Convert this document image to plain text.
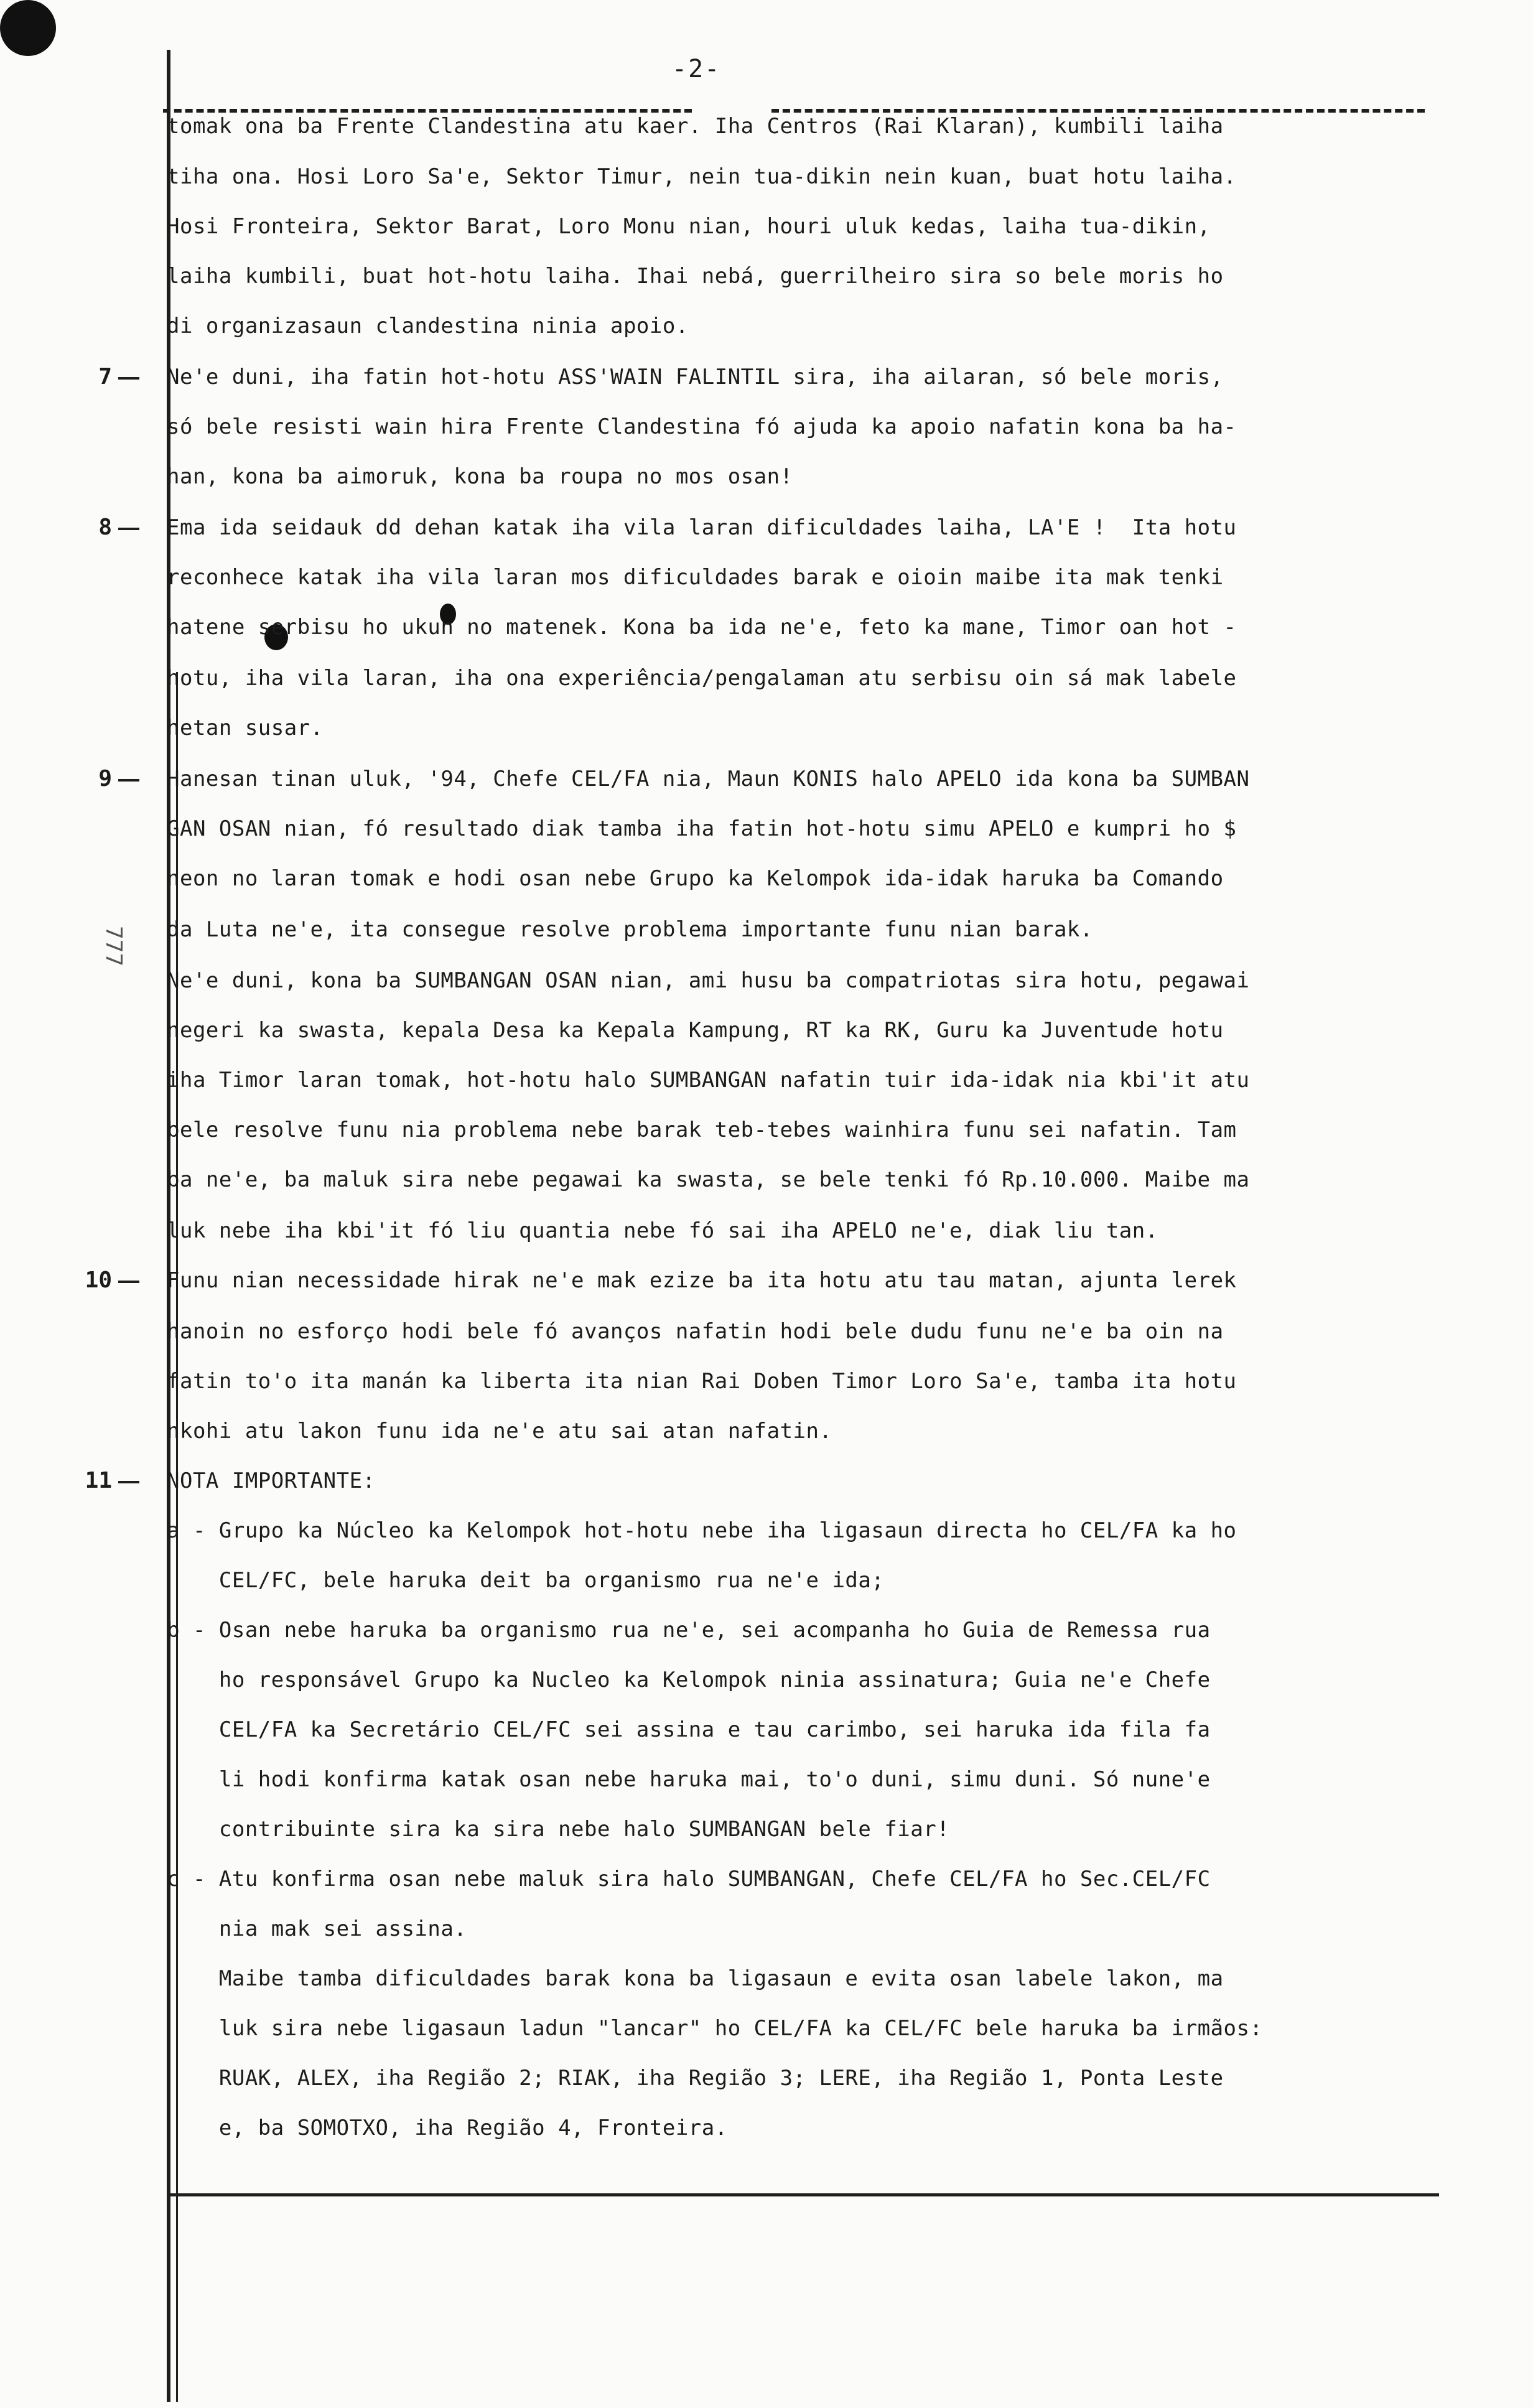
-2-
777
tomak ona ba Frente Clandestina atu kaer. Iha Centros (Rai Klaran), kumbili laiha
tiha ona. Hosi Loro Sa'e, Sektor Timur, nein tua-dikin nein kuan, buat hotu laiha.
Hosi Fronteira, Sektor Barat, Loro Monu nian, houri uluk kedas, laiha tua-dikin,
laiha kumbili, buat hot-hotu laiha. Ihai nebá, guerrilheiro sira so bele moris ho
di organizasaun clandestina ninia apoio.
Ne'e duni, iha fatin hot-hotu ASS'WAIN FALINTIL sira, iha ailaran, só bele moris,
só bele resisti wain hira Frente Clandestina fó ajuda ka apoio nafatin kona ba ha-
han, kona ba aimoruk, kona ba roupa no mos osan!
Ema ida seidauk dd dehan katak iha vila laran dificuldades laiha, LA'E !  Ita hotu
reconhece katak iha vila laran mos dificuldades barak e oioin maibe ita mak tenki
hatene serbisu ho ukun no matenek. Kona ba ida ne'e, feto ka mane, Timor oan hot -
hotu, iha vila laran, iha ona experiência/pengalaman atu serbisu oin sá mak labele
hetan susar.
Hanesan tinan uluk, '94, Chefe CEL/FA nia, Maun KONIS halo APELO ida kona ba SUMBAN
GAN OSAN nian, fó resultado diak tamba iha fatin hot-hotu simu APELO e kumpri ho $
neon no laran tomak e hodi osan nebe Grupo ka Kelompok ida-idak haruka ba Comando
da Luta ne'e, ita consegue resolve problema importante funu nian barak.
Ne'e duni, kona ba SUMBANGAN OSAN nian, ami husu ba compatriotas sira hotu, pegawai
negeri ka swasta, kepala Desa ka Kepala Kampung, RT ka RK, Guru ka Juventude hotu
iha Timor laran tomak, hot-hotu halo SUMBANGAN nafatin tuir ida-idak nia kbi'it atu
bele resolve funu nia problema nebe barak teb-tebes wainhira funu sei nafatin. Tam
ba ne'e, ba maluk sira nebe pegawai ka swasta, se bele tenki fó Rp.10.000. Maibe ma
luk nebe iha kbi'it fó liu quantia nebe fó sai iha APELO ne'e, diak liu tan.
Funu nian necessidade hirak ne'e mak ezize ba ita hotu atu tau matan, ajunta lerek
hanoin no esforço hodi bele fó avanços nafatin hodi bele dudu funu ne'e ba oin na
fatin to'o ita manán ka liberta ita nian Rai Doben Timor Loro Sa'e, tamba ita hotu
nkohi atu lakon funu ida ne'e atu sai atan nafatin.
NOTA IMPORTANTE:
a - Grupo ka Núcleo ka Kelompok hot-hotu nebe iha ligasaun directa ho CEL/FA ka ho
CEL/FC, bele haruka deit ba organismo rua ne'e ida;
b - Osan nebe haruka ba organismo rua ne'e, sei acompanha ho Guia de Remessa rua
ho responsável Grupo ka Nucleo ka Kelompok ninia assinatura; Guia ne'e Chefe
CEL/FA ka Secretário CEL/FC sei assina e tau carimbo, sei haruka ida fila fa
li hodi konfirma katak osan nebe haruka mai, to'o duni, simu duni. Só nune'e
contribuinte sira ka sira nebe halo SUMBANGAN bele fiar!
c - Atu konfirma osan nebe maluk sira halo SUMBANGAN, Chefe CEL/FA ho Sec.CEL/FC
nia mak sei assina.
Maibe tamba dificuldades barak kona ba ligasaun e evita osan labele lakon, ma
luk sira nebe ligasaun ladun "lancar" ho CEL/FA ka CEL/FC bele haruka ba irmãos:
RUAK, ALEX, iha Região 2; RIAK, iha Região 3; LERE, iha Região 1, Ponta Leste
e, ba SOMOTXO, iha Região 4, Fronteira.
7
8
9
10
11
